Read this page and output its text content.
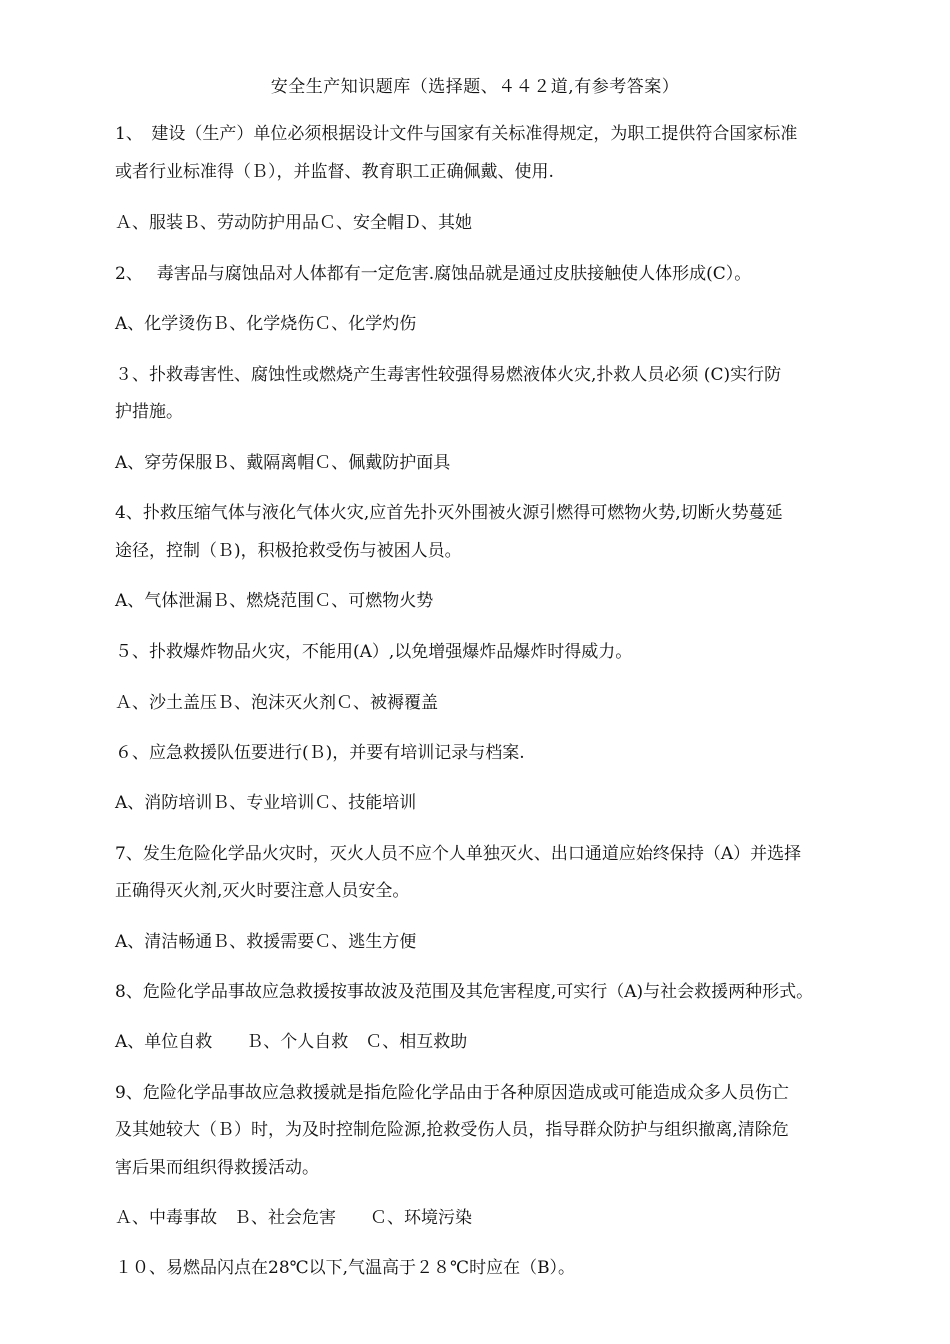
安全生产知识题库（选择题、４４２道,有参考答案）
1、　建设（生产）单位必须根据设计文件与国家有关标准得规定，为职工提供符合国家标准
或者行业标准得（Ｂ），并监督、教育职工正确佩戴、使用.
Ａ、服装Ｂ、劳动防护用品Ｃ、安全帽Ｄ、其她
2、　 毒害品与腐蚀品对人体都有一定危害.腐蚀品就是通过皮肤接触使人体形成(C）。
A、化学烫伤Ｂ、化学烧伤Ｃ、化学灼伤
３、扑救毒害性、腐蚀性或燃烧产生毒害性较强得易燃液体火灾,扑救人员必须 (C)实行防
护措施。
A、穿劳保服Ｂ、戴隔离帽Ｃ、佩戴防护面具
4、扑救压缩气体与液化气体火灾,应首先扑灭外围被火源引燃得可燃物火势,切断火势蔓延
途径，控制（Ｂ)，积极抢救受伤与被困人员。
A、气体泄漏Ｂ、燃烧范围Ｃ、可燃物火势
５、扑救爆炸物品火灾，不能用(A）,以免增强爆炸品爆炸时得威力。
Ａ、沙土盖压Ｂ、泡沫灭火剂Ｃ、被褥覆盖
６、应急救援队伍要进行(Ｂ)，并要有培训记录与档案.
A、消防培训Ｂ、专业培训Ｃ、技能培训
7、发生危险化学品火灾时，灭火人员不应个人单独灭火、出口通道应始终保持（A）并选择
正确得灭火剂,灭火时要注意人员安全。
A、清洁畅通Ｂ、救援需要Ｃ、逃生方便
8、危险化学品事故应急救援按事故波及范围及其危害程度,可实行（A)与社会救援两种形式。
A、单位自救　　Ｂ、个人自救　Ｃ、相互救助
9、危险化学品事故应急救援就是指危险化学品由于各种原因造成或可能造成众多人员伤亡
及其她较大（Ｂ）时，为及时控制危险源,抢救受伤人员，指导群众防护与组织撤离,清除危
害后果而组织得救援活动。
Ａ、中毒事故　Ｂ、社会危害　　Ｃ、环境污染
１０、易燃品闪点在28℃以下,气温高于２８℃时应在（B）。
